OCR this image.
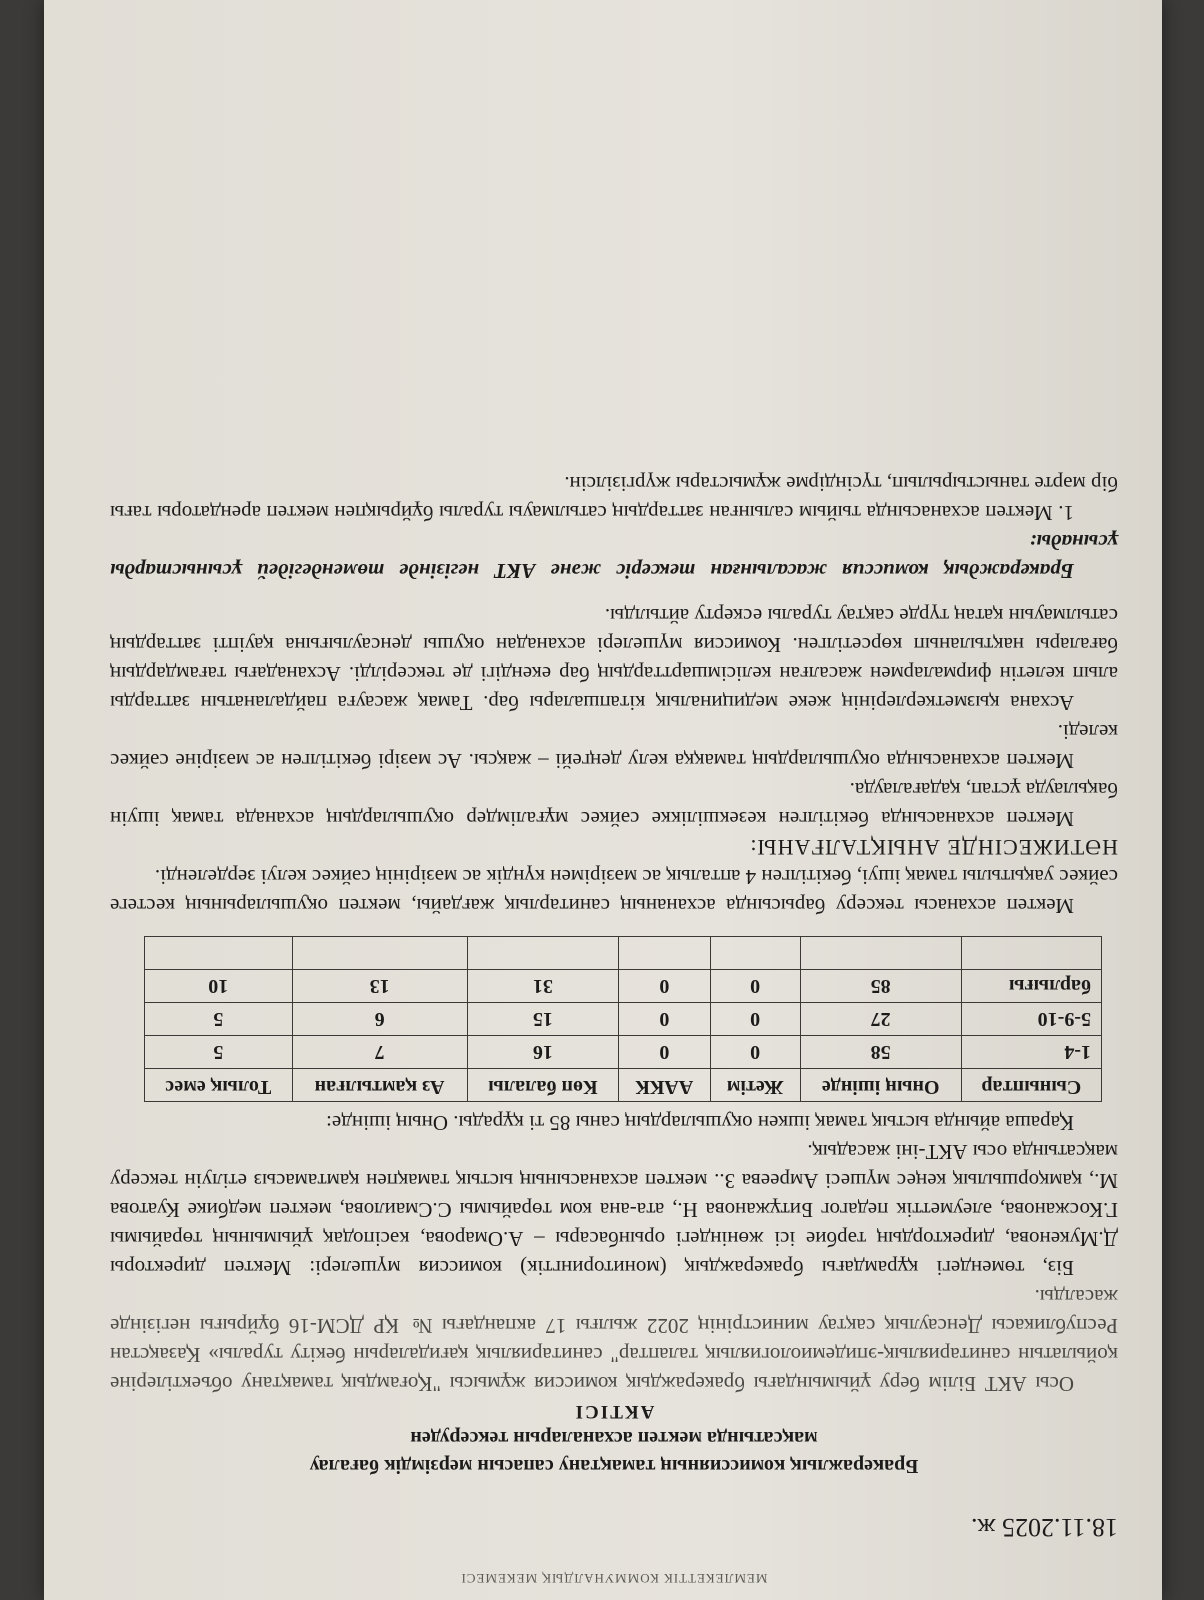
МЕМЛЕКЕТТІК КОММУНАЛДЫҚ МЕКЕМЕСІ
18.11.2025 ж.
Бракеражлық комиссияның тамақтану сапасын мерзімдік бағалау
мақсатында мектеп асханаларын тексеруден
АКТІСІ

Осы АКТ Білім беру ұйымындағы бракераждық комиссия жұмысы "Қоғамдық тамақтану объектілеріне қойылатын санитариялық-эпидемиологиялық талаптар" санитариялық қағидаларын бекіту туралы» Қазақстан Республикасы Денсаулық сақтау министрінің 2022 жылғы 17 акпандағы № ҚР ДСМ-16 бұйрығы негізінде жасалды.

Біз, төмендегі құрамдағы бракераждық (мониторингтік) комиссия мүшелері: Мектеп директоры Д.Мукенова, директордың тәрбие ісі жөніндегі орынбасары – А.Омарова, кәсіподақ ұйымының төрайымы Г.Косжанова, әлеуметтік педагог Битұжанова Н., ата-ана ком төрайымы С.Смаилова, мектеп медбике Куатова М., қамқоршылық кеңес мүшесі Амреева З.. мектеп асханасының ыстық тамақпен қамтамасыз етілуін тексеру мақсатында осы АКТ-іні жасадық.

Қараша айында ыстық тамақ ішкен оқушылардың саны 85 ті құрады. Оның ішінде:

Сыныптар	Оның ішінде	Жетім	ААКК	Көп балалы	Аз қамтылған	Толық емес
1-4	58	0	0	16	7	5
5-9-10	27	0	0	15	6	5
барлығы	85	0	0	31	13	10

Мектеп асханасы тексеру барысында асхананың санитарлық жағдайы, мектеп оқушыларының кестеге сәйкес уақытылы тамақ ішуі, бекітілген 4 апталық ас мәзірімен күндік ас мәзірінің сәйкес келуі зерделенді.

НӘТИЖЕСІНДЕ АНЫҚТАЛҒАНЫ:

Мектеп асханасында бекітілген кезекшілікке сәйкес мұғалімдер оқушылардың асханада тамақ ішуін бақылауда ұстап, қадағалауда.

Мектеп асханасында оқушылардың тамаққа келу деңгейі – жақсы. Ас мәзірі бекітілген ас мәзіріне сәйкес келеді.

Асхана қызметкерлерінің жеке медициналық кітапшалары бар. Тамақ жасауға пайдаланатын заттарды алып келетін фирмалармен жасалған келісімшарттардың бар екендігі де тексерілді. Асханадағы тағамдардың бағалары нақтыланып көрсетілген. Комиссия мүшелері асханадан оқушы денсаулығына қауіпті заттардың сатылмауын қатаң түрде сақтау туралы ескерту айтылды.

Бракераждық комиссия жасалынған тексеріс және АКТ негізінде төмендегідей ұсыныстарды ұсынады:

1. Мектеп асханасында тыйым салынған заттардың сатылмауы туралы бұйрықпен мектеп арендаторы тағы бір мәрте таныстырылып, түсіндірме жұмыстары жүргізілсін.
